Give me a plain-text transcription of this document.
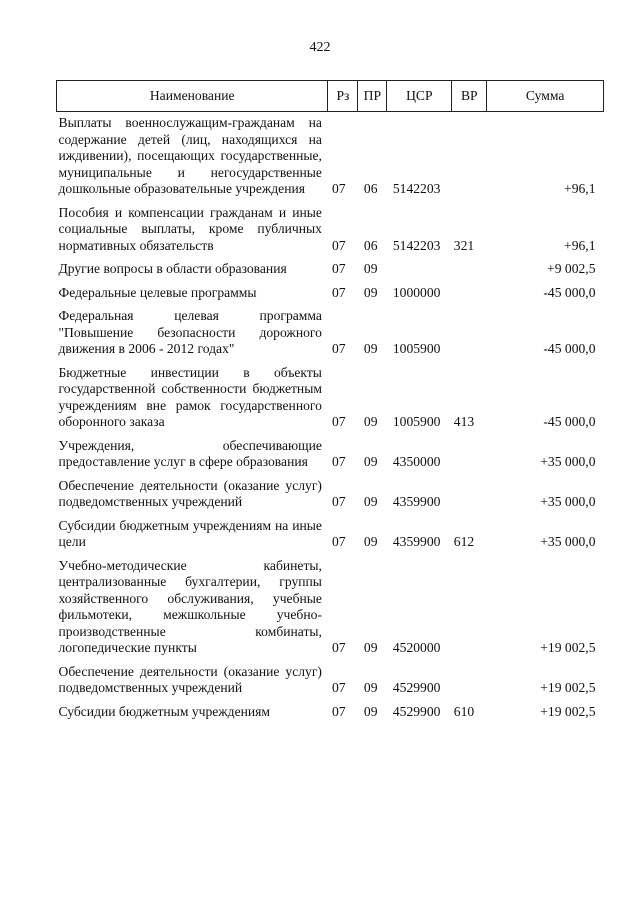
422
Наименование	Рз	ПР	ЦСР	ВР	Сумма
Выплаты военнослужащим-гражданам на содержание детей (лиц, находящихся на иждивении), посещающих государственные, муниципальные и негосударственные дошкольные образовательные учреждения	07	06	5142203		+96,1
Пособия и компенсации гражданам и иные социальные выплаты, кроме публичных нормативных обязательств	07	06	5142203	321	+96,1
Другие вопросы в области образования	07	09			+9 002,5
Федеральные целевые программы	07	09	1000000		-45 000,0
Федеральная целевая программа "Повышение безопасности дорожного движения в 2006 - 2012 годах"	07	09	1005900		-45 000,0
Бюджетные инвестиции в объекты государственной собственности бюджетным учреждениям вне рамок государственного оборонного заказа	07	09	1005900	413	-45 000,0
Учреждения, обеспечивающие предоставление услуг в сфере образования	07	09	4350000		+35 000,0
Обеспечение деятельности (оказание услуг) подведомственных учреждений	07	09	4359900		+35 000,0
Субсидии бюджетным учреждениям на иные цели	07	09	4359900	612	+35 000,0
Учебно-методические кабинеты, централизованные бухгалтерии, группы хозяйственного обслуживания, учебные фильмотеки, межшкольные учебно-производственные комбинаты, логопедические пункты	07	09	4520000		+19 002,5
Обеспечение деятельности (оказание услуг) подведомственных учреждений	07	09	4529900		+19 002,5
Субсидии бюджетным учреждениям	07	09	4529900	610	+19 002,5
